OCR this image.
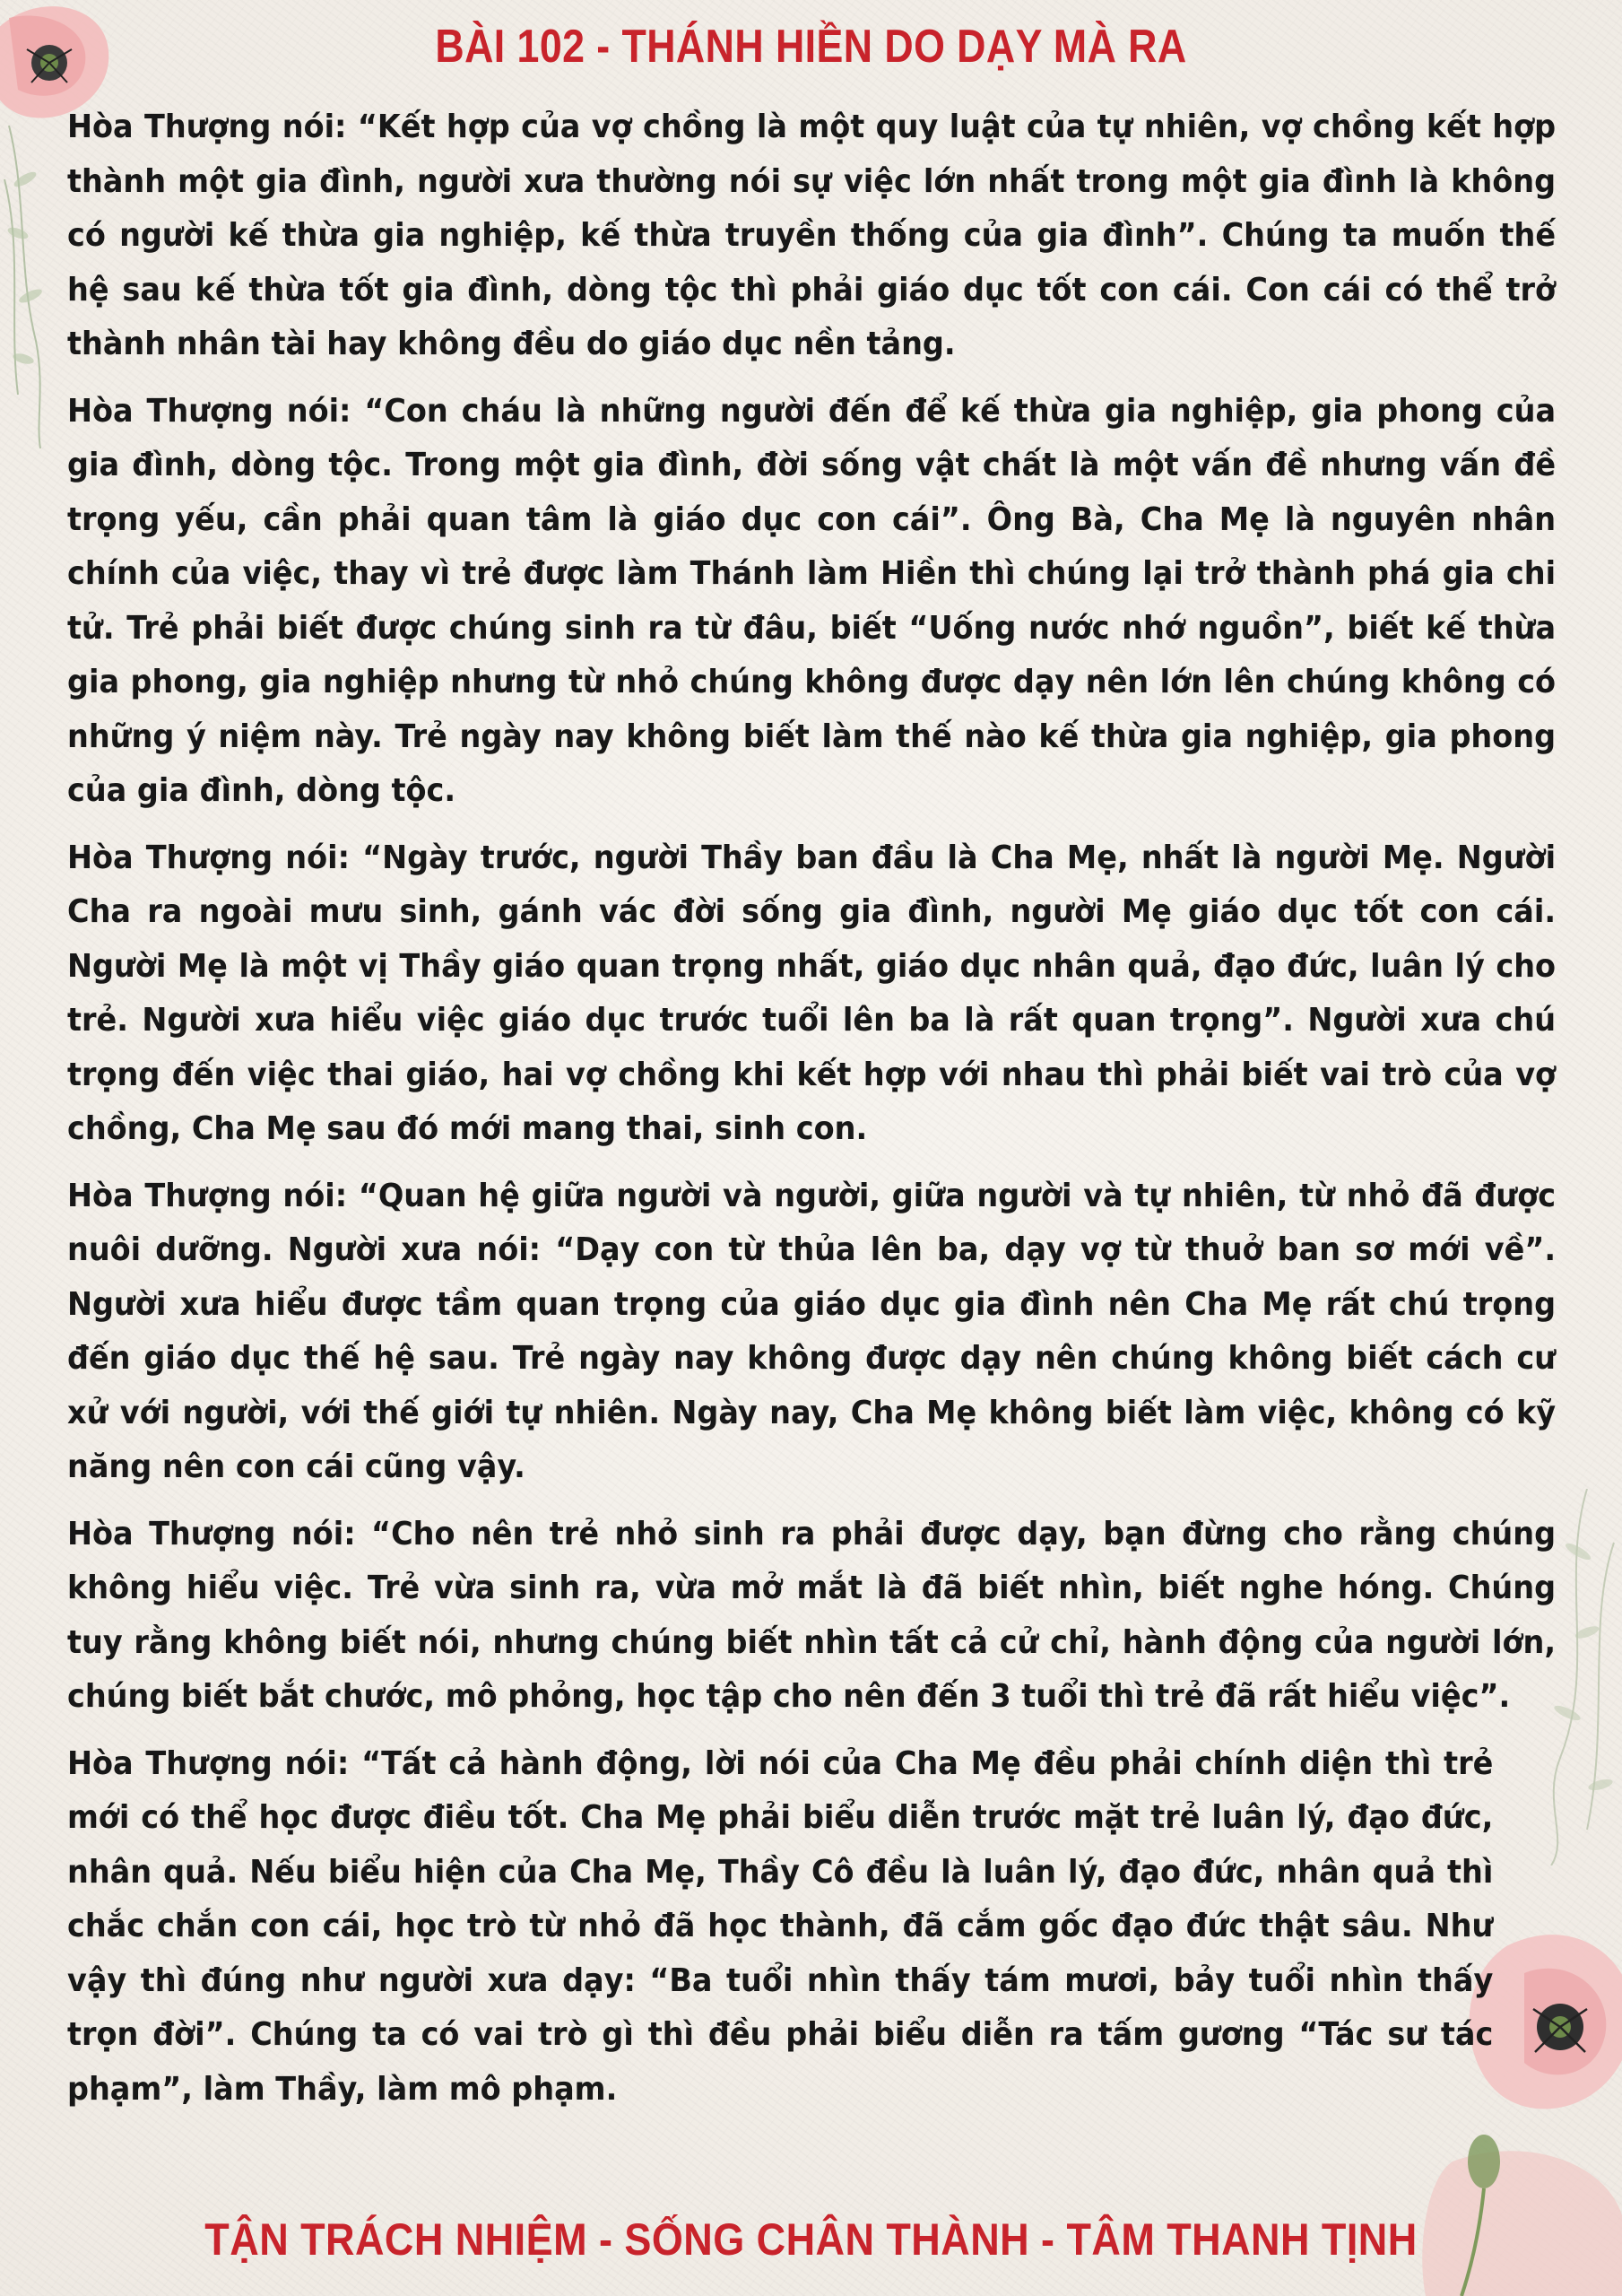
BÀI 102 - THÁNH HIỀN DO DẠY MÀ RA

Hòa Thượng nói: “Kết hợp của vợ chồng là một quy luật của tự nhiên, vợ chồng kết hợp thành một gia đình, người xưa thường nói sự việc lớn nhất trong một gia đình là không có người kế thừa gia nghiệp, kế thừa truyền thống của gia đình”. Chúng ta muốn thế hệ sau kế thừa tốt gia đình, dòng tộc thì phải giáo dục tốt con cái. Con cái có thể trở thành nhân tài hay không đều do giáo dục nền tảng.

Hòa Thượng nói: “Con cháu là những người đến để kế thừa gia nghiệp, gia phong của gia đình, dòng tộc. Trong một gia đình, đời sống vật chất là một vấn đề nhưng vấn đề trọng yếu, cần phải quan tâm là giáo dục con cái”. Ông Bà, Cha Mẹ là nguyên nhân chính của việc, thay vì trẻ được làm Thánh làm Hiền thì chúng lại trở thành phá gia chi tử. Trẻ phải biết được chúng sinh ra từ đâu, biết “Uống nước nhớ nguồn”, biết kế thừa gia phong, gia nghiệp nhưng từ nhỏ chúng không được dạy nên lớn lên chúng không có những ý niệm này. Trẻ ngày nay không biết làm thế nào kế thừa gia nghiệp, gia phong của gia đình, dòng tộc.

Hòa Thượng nói: “Ngày trước, người Thầy ban đầu là Cha Mẹ, nhất là người Mẹ. Người Cha ra ngoài mưu sinh, gánh vác đời sống gia đình, người Mẹ giáo dục tốt con cái. Người Mẹ là một vị Thầy giáo quan trọng nhất, giáo dục nhân quả, đạo đức, luân lý cho trẻ. Người xưa hiểu việc giáo dục trước tuổi lên ba là rất quan trọng”. Người xưa chú trọng đến việc thai giáo, hai vợ chồng khi kết hợp với nhau thì phải biết vai trò của vợ chồng, Cha Mẹ sau đó mới mang thai, sinh con.

Hòa Thượng nói: “Quan hệ giữa người và người, giữa người và tự nhiên, từ nhỏ đã được nuôi dưỡng. Người xưa nói: “Dạy con từ thủa lên ba, dạy vợ từ thuở ban sơ mới về”. Người xưa hiểu được tầm quan trọng của giáo dục gia đình nên Cha Mẹ rất chú trọng đến giáo dục thế hệ sau. Trẻ ngày nay không được dạy nên chúng không biết cách cư xử với người, với thế giới tự nhiên. Ngày nay, Cha Mẹ không biết làm việc, không có kỹ năng nên con cái cũng vậy.

Hòa Thượng nói: “Cho nên trẻ nhỏ sinh ra phải được dạy, bạn đừng cho rằng chúng không hiểu việc. Trẻ vừa sinh ra, vừa mở mắt là đã biết nhìn, biết nghe hóng. Chúng tuy rằng không biết nói, nhưng chúng biết nhìn tất cả cử chỉ, hành động của người lớn, chúng biết bắt chước, mô phỏng, học tập cho nên đến 3 tuổi thì trẻ đã rất hiểu việc”.

Hòa Thượng nói: “Tất cả hành động, lời nói của Cha Mẹ đều phải chính diện thì trẻ mới có thể học được điều tốt. Cha Mẹ phải biểu diễn trước mặt trẻ luân lý, đạo đức, nhân quả. Nếu biểu hiện của Cha Mẹ, Thầy Cô đều là luân lý, đạo đức, nhân quả thì chắc chắn con cái, học trò từ nhỏ đã học thành, đã cắm gốc đạo đức thật sâu. Như vậy thì đúng như người xưa dạy: “Ba tuổi nhìn thấy tám mươi, bảy tuổi nhìn thấy trọn đời”. Chúng ta có vai trò gì thì đều phải biểu diễn ra tấm gương “Tác sư tác phạm”, làm Thầy, làm mô phạm.

TẬN TRÁCH NHIỆM - SỐNG CHÂN THÀNH - TÂM THANH TỊNH
